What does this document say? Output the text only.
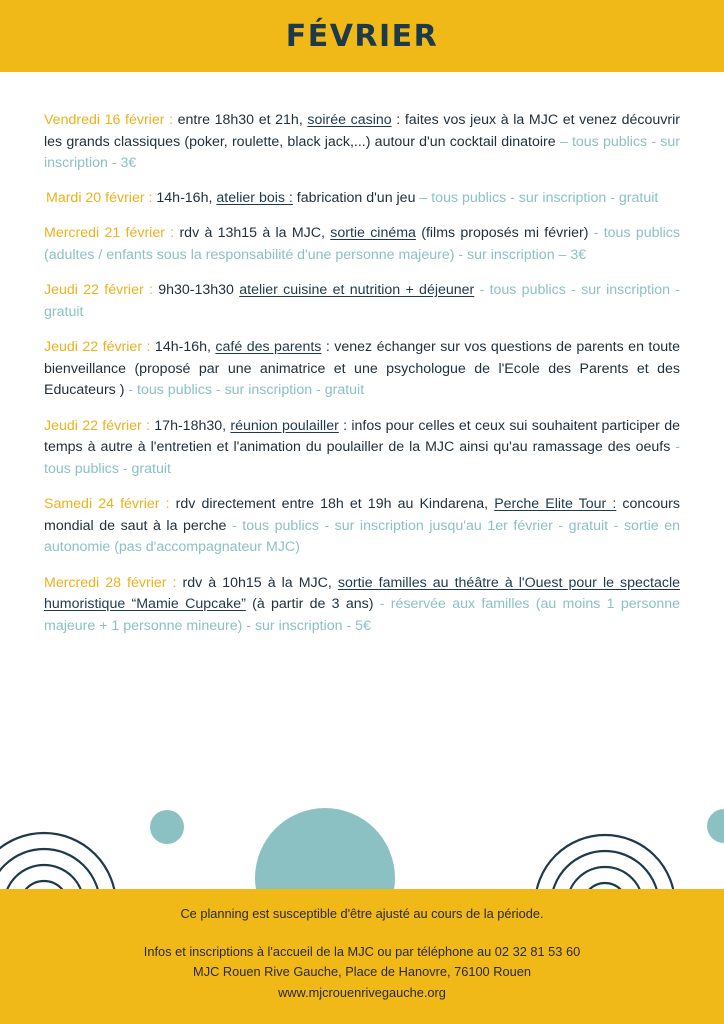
FÉVRIER

Vendredi 16 février : entre 18h30 et 21h, soirée casino : faites vos jeux à la MJC et venez découvrir les grands classiques (poker, roulette, black jack,...) autour d'un cocktail dinatoire – tous publics - sur inscription - 3€

Mardi 20 février : 14h-16h, atelier bois : fabrication d'un jeu – tous publics - sur inscription - gratuit

Mercredi 21 février : rdv à 13h15 à la MJC, sortie cinéma (films proposés mi février) - tous publics (adultes / enfants sous la responsabilité d'une personne majeure) - sur inscription – 3€

Jeudi 22 février : 9h30-13h30 atelier cuisine et nutrition + déjeuner - tous publics - sur inscription - gratuit

Jeudi 22 février : 14h-16h, café des parents : venez échanger sur vos questions de parents en toute bienveillance (proposé par une animatrice et une psychologue de l'Ecole des Parents et des Educateurs ) - tous publics - sur inscription - gratuit

Jeudi 22 février : 17h-18h30, réunion poulailler : infos pour celles et ceux sui souhaitent participer de temps à autre à l'entretien et l'animation du poulailler de la MJC ainsi qu'au ramassage des oeufs - tous publics - gratuit

Samedi 24 février : rdv directement entre 18h et 19h au Kindarena, Perche Elite Tour : concours mondial de saut à la perche - tous publics - sur inscription jusqu'au 1er février - gratuit - sortie en autonomie (pas d'accompagnateur MJC)

Mercredi 28 février : rdv à 10h15 à la MJC, sortie familles au théâtre à l'Ouest pour le spectacle humoristique “Mamie Cupcake” (à partir de 3 ans) - réservée aux familles (au moins 1 personne majeure + 1 personne mineure) - sur inscription - 5€

Ce planning est susceptible d'être ajusté au cours de la période.

Infos et inscriptions à l'accueil de la MJC ou par téléphone au 02 32 81 53 60

MJC Rouen Rive Gauche, Place de Hanovre, 76100 Rouen

www.mjcrouenrivegauche.org
